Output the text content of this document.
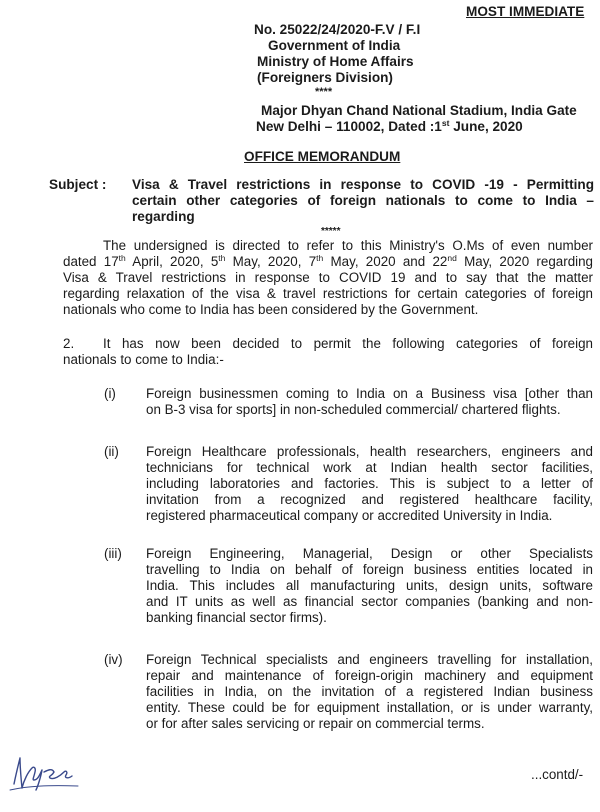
MOST IMMEDIATE
No. 25022/24/2020-F.V / F.I
Government of India
Ministry of Home Affairs
(Foreigners Division)
****
Major Dhyan Chand National Stadium, India Gate
New Delhi – 110002, Dated :1st June, 2020
OFFICE MEMORANDUM
Subject : Visa & Travel restrictions in response to COVID -19 - Permitting
certain other categories of foreign nationals to come to India –
regarding
*****
The undersigned is directed to refer to this Ministry's O.Ms of even number
dated 17th April, 2020, 5th May, 2020, 7th May, 2020 and 22nd May, 2020 regarding
Visa & Travel restrictions in response to COVID 19 and to say that the matter
regarding relaxation of the visa & travel restrictions for certain categories of foreign
nationals who come to India has been considered by the Government.
2. It has now been decided to permit the following categories of foreign
nationals to come to India:-
(i) Foreign businessmen coming to India on a Business visa [other than
on B-3 visa for sports] in non-scheduled commercial/ chartered flights.
(ii) Foreign Healthcare professionals, health researchers, engineers and
technicians for technical work at Indian health sector facilities,
including laboratories and factories. This is subject to a letter of
invitation from a recognized and registered healthcare facility,
registered pharmaceutical company or accredited University in India.
(iii) Foreign Engineering, Managerial, Design or other Specialists
travelling to India on behalf of foreign business entities located in
India. This includes all manufacturing units, design units, software
and IT units as well as financial sector companies (banking and non-
banking financial sector firms).
(iv) Foreign Technical specialists and engineers travelling for installation,
repair and maintenance of foreign-origin machinery and equipment
facilities in India, on the invitation of a registered Indian business
entity. These could be for equipment installation, or is under warranty,
or for after sales servicing or repair on commercial terms.
...contd/-
